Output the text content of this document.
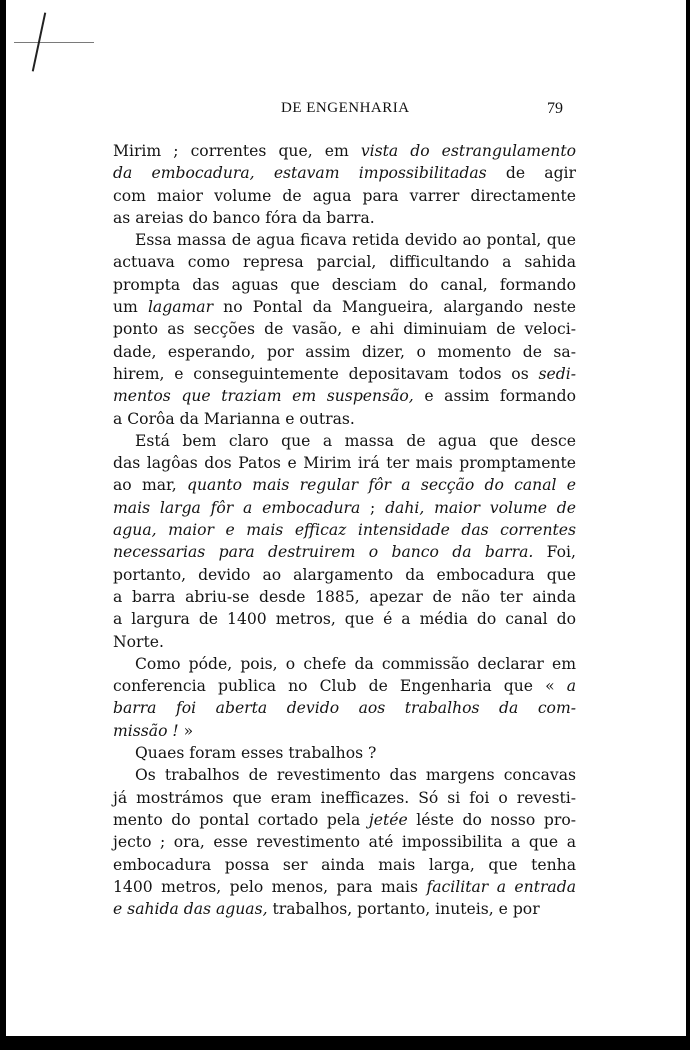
DE ENGENHARIA	79

Mirim ; correntes que, em vista do estrangulamento
da embocadura, estavam impossibilitadas de agir
com maior volume de agua para varrer directamente
as areias do banco fóra da barra.

Essa massa de agua ficava retida devido ao pontal, que
actuava como represa parcial, difficultando a sahida
prompta das aguas que desciam do canal, formando
um lagamar no Pontal da Mangueira, alargando neste
ponto as secções de vasão, e ahi diminuiam de veloci-
dade, esperando, por assim dizer, o momento de sa-
hirem, e conseguintemente depositavam todos os sedi-
mentos que traziam em suspensão, e assim formando
a Corôa da Marianna e outras.

Está bem claro que a massa de agua que desce
das lagôas dos Patos e Mirim irá ter mais promptamente
ao mar, quanto mais regular fôr a secção do canal e
mais larga fôr a embocadura ; dahi, maior volume de
agua, maior e mais efficaz intensidade das correntes
necessarias para destruirem o banco da barra. Foi,
portanto, devido ao alargamento da embocadura que
a barra abriu-se desde 1885, apezar de não ter ainda
a largura de 1400 metros, que é a média do canal do
Norte.

Como póde, pois, o chefe da commissão declarar em
conferencia publica no Club de Engenharia que « a
barra foi aberta devido aos trabalhos da com-
missão ! »

Quaes foram esses trabalhos ?

Os trabalhos de revestimento das margens concavas
já mostrámos que eram inefficazes. Só si foi o revesti-
mento do pontal cortado pela jetée léste do nosso pro-
jecto ; ora, esse revestimento até impossibilita a que a
embocadura possa ser ainda mais larga, que tenha
1400 metros, pelo menos, para mais facilitar a entrada
e sahida das aguas, trabalhos, portanto, inuteis, e por
